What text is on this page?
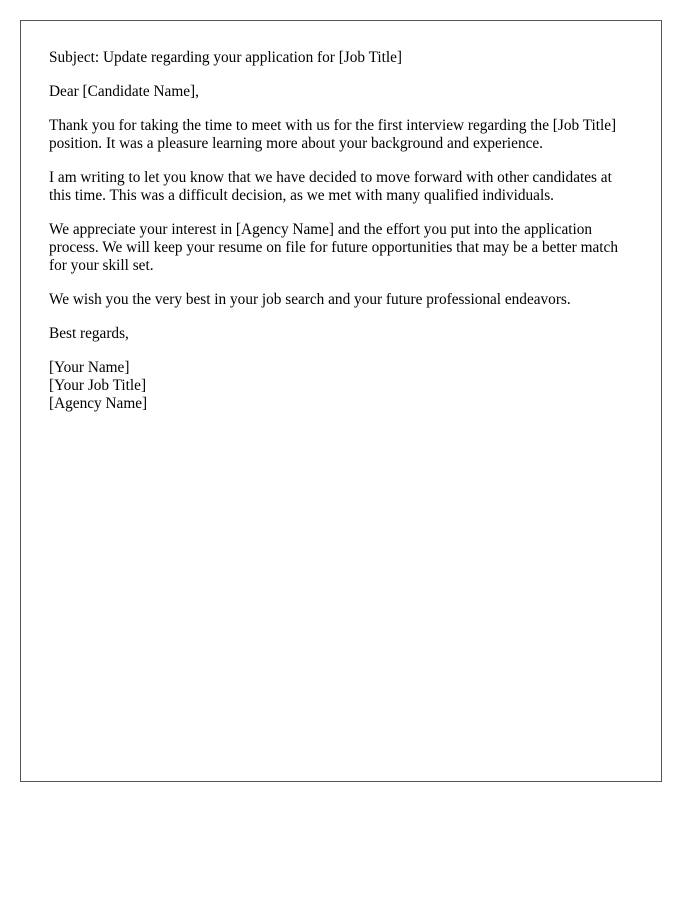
Subject: Update regarding your application for [Job Title]

Dear [Candidate Name],

Thank you for taking the time to meet with us for the first interview regarding the [Job Title] position. It was a pleasure learning more about your background and experience.

I am writing to let you know that we have decided to move forward with other candidates at this time. This was a difficult decision, as we met with many qualified individuals.

We appreciate your interest in [Agency Name] and the effort you put into the application process. We will keep your resume on file for future opportunities that may be a better match for your skill set.

We wish you the very best in your job search and your future professional endeavors.

Best regards,

[Your Name]

[Your Job Title]

[Agency Name]
